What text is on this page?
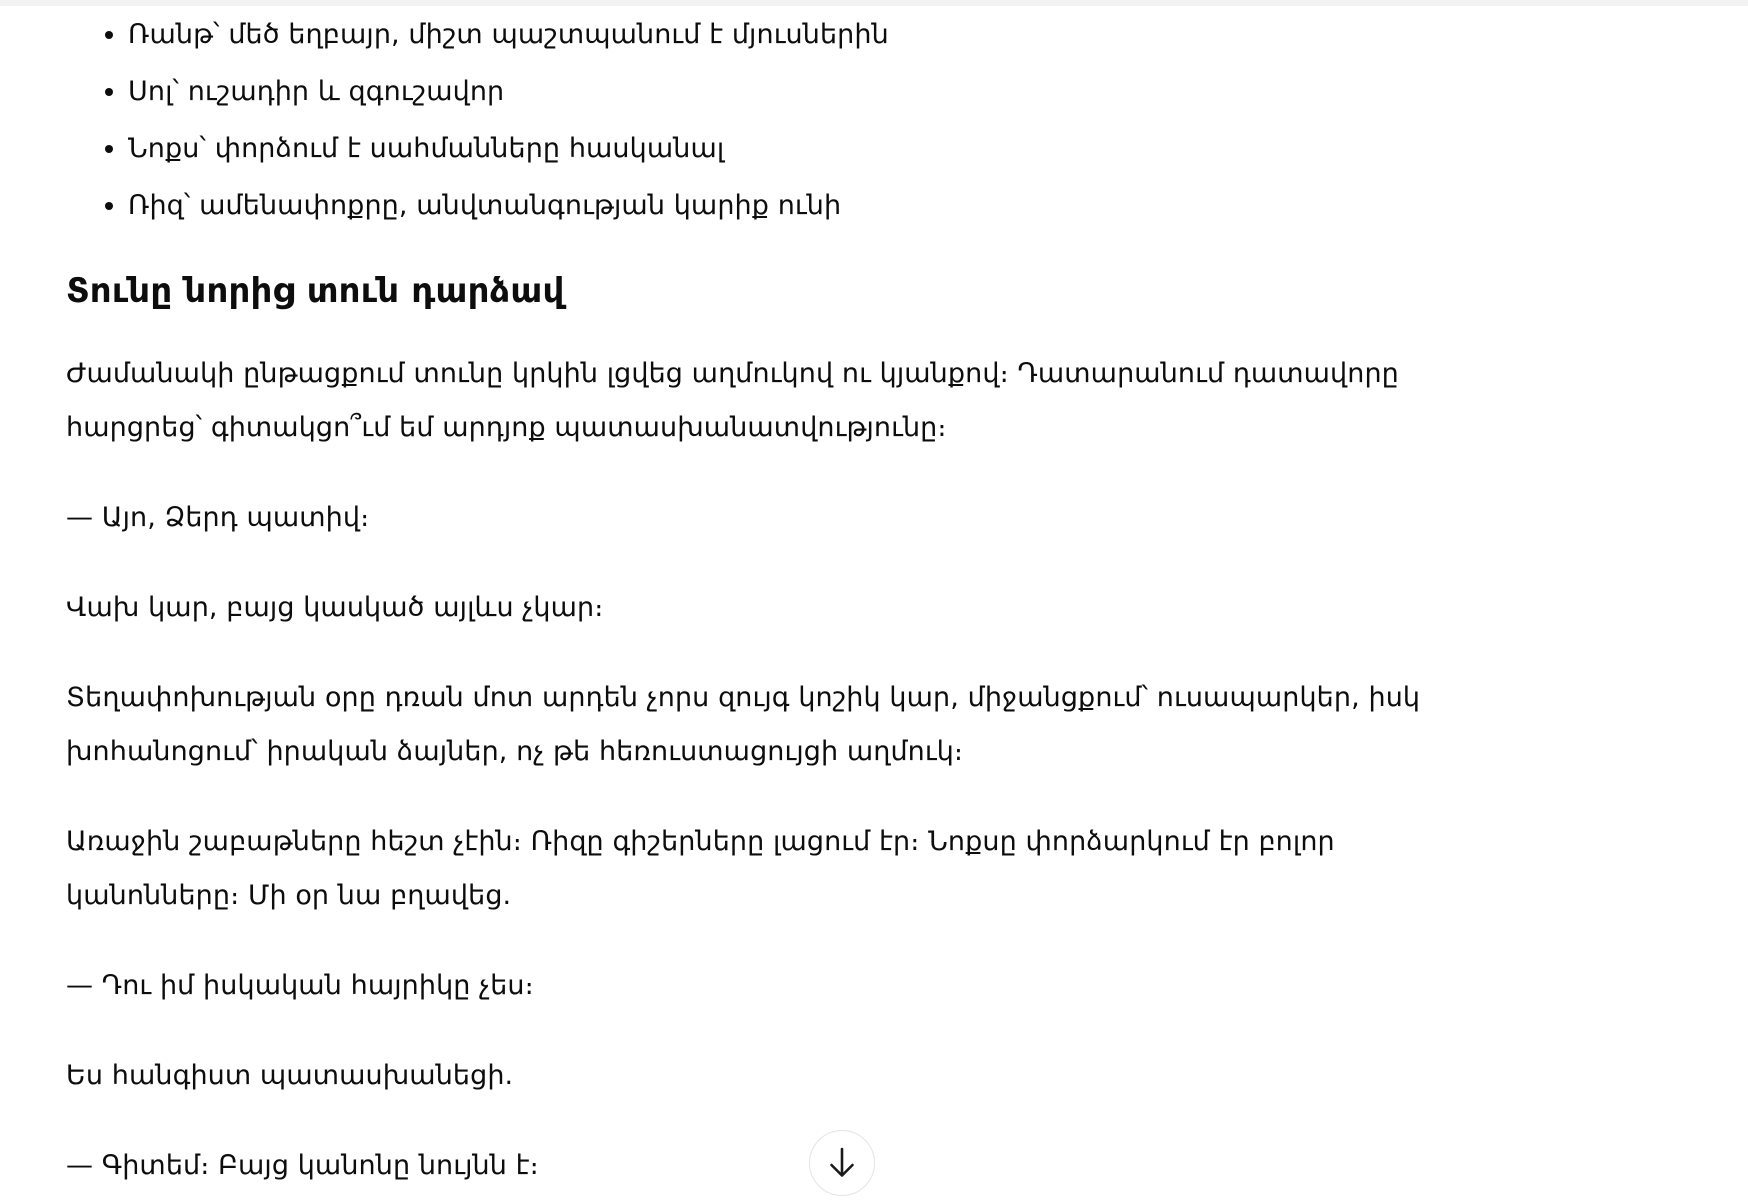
• Ռանթ՝ մեծ եղբայր, միշտ պաշտպանում է մյուսներին
• Սոլ՝ ուշադիր և զգուշավոր
• Նոքս՝ փորձում է սահմանները հասկանալ
• Ռիզ՝ ամենափոքրը, անվտանգության կարիք ունի
Տունը նորից տուն դարձավ
Ժամանակի ընթացքում տունը կրկին լցվեց աղմուկով ու կյանքով։ Դատարանում դատավորը հարցրեց՝ գիտակցո՞ւմ եմ արդյոք պատասխանատվությունը։
— Այո, Ձերդ պատիվ։
Վախ կար, բայց կասկած այլևս չկար։
Տեղափոխության օրը դռան մոտ արդեն չորս զույգ կոշիկ կար, միջանցքում՝ ուսապարկեր, իսկ խոհանոցում՝ իրական ձայներ, ոչ թե հեռուստացույցի աղմուկ։
Առաջին շաբաթները հեշտ չէին։ Ռիզը գիշերները լացում էր։ Նոքսը փորձարկում էր բոլոր կանոնները։ Մի օր նա բղավեց.
— Դու իմ իսկական հայրիկը չես։
Ես հանգիստ պատասխանեցի.
— Գիտեմ։ Բայց կանոնը նույնն է։
